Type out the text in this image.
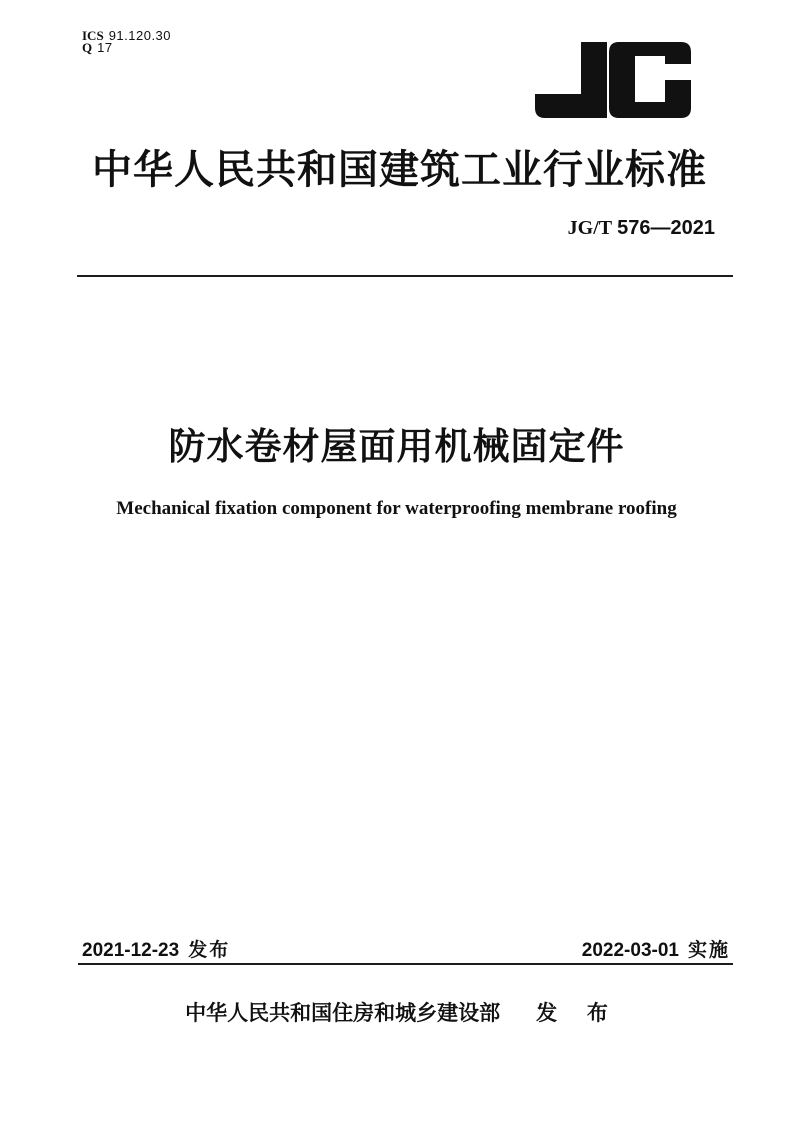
ICS 91.120.30
Q 17
中华人民共和国建筑工业行业标准
JG/T 576—2021
防水卷材屋面用机械固定件
Mechanical fixation component for waterproofing membrane roofing
2021-12-23 发布	2022-03-01 实施
中华人民共和国住房和城乡建设部 发 布
